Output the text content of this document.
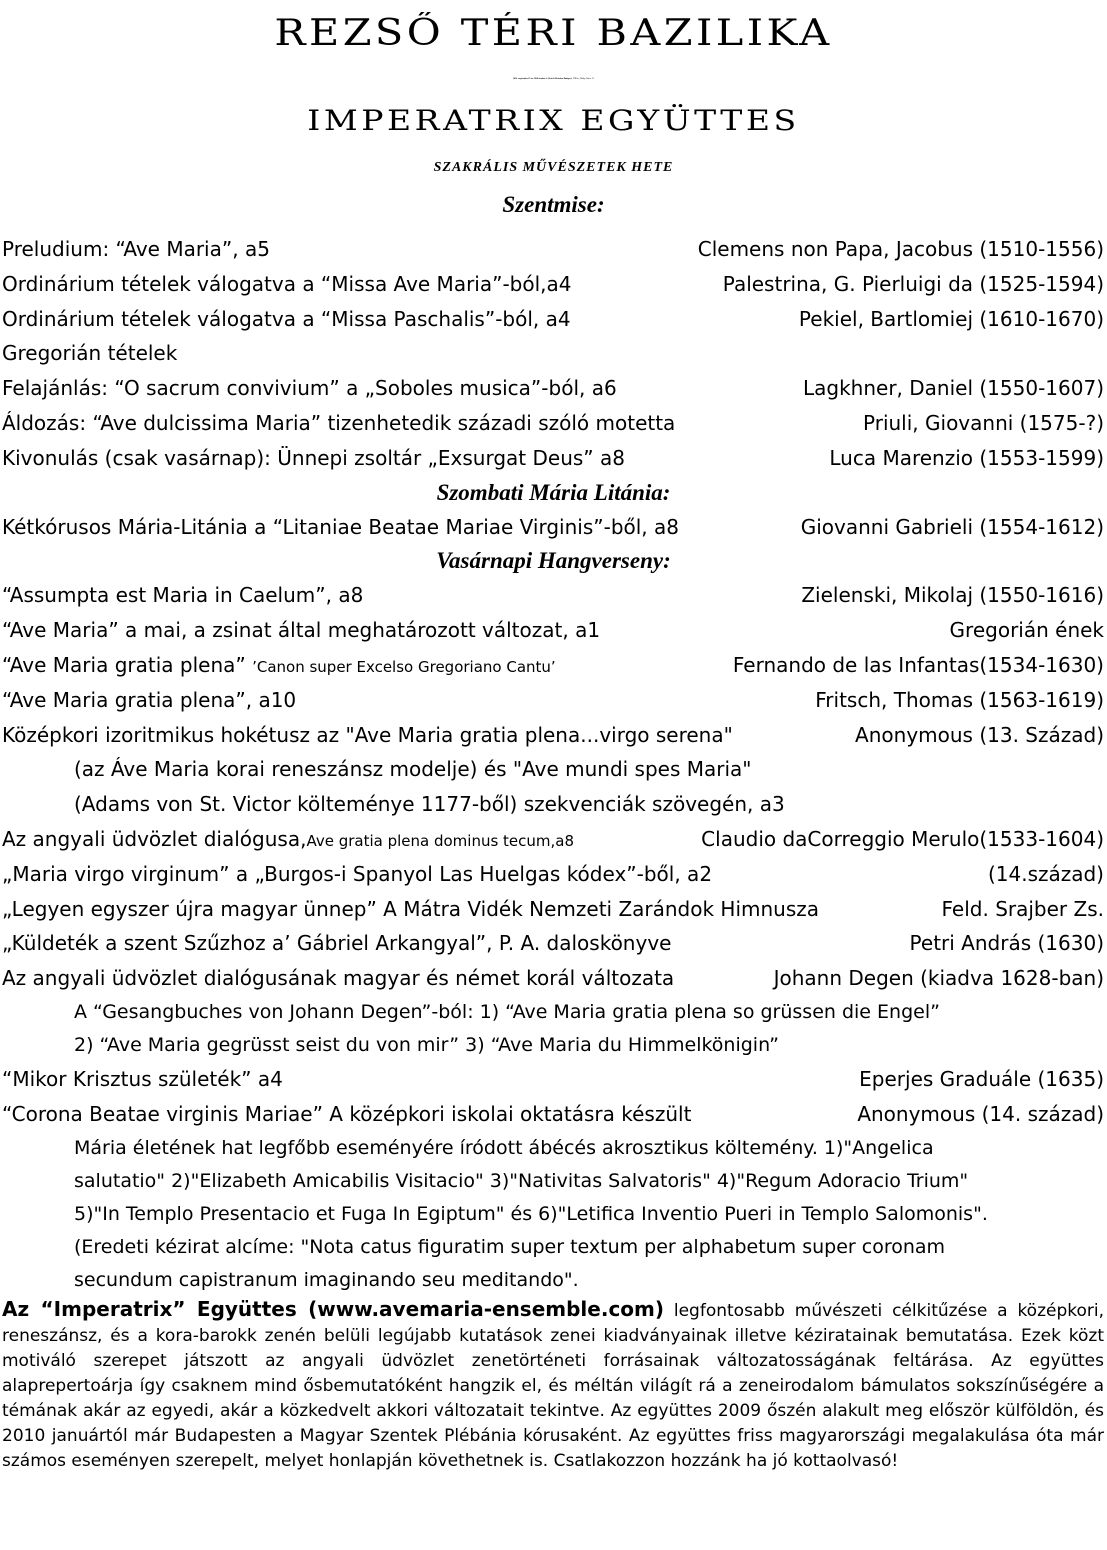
REZSŐ TÉRI BAZILIKA
2010. szeptember 25-én, 18:00 órakor, és 26-án 9:00 órakor Budapest, VIII.ker, Bláthy Ottó u. 22
IMPERATRIX EGYÜTTES
SZAKRÁLIS MŰVÉSZETEK HETE
Szentmise:
Preludium: “Ave Maria”, a5	Clemens non Papa, Jacobus (1510-1556)
Ordinárium tételek válogatva a “Missa Ave Maria”-ból,a4	Palestrina, G. Pierluigi da (1525-1594)
Ordinárium tételek válogatva a “Missa Paschalis”-ból, a4	Pekiel, Bartlomiej (1610-1670)
Gregorián tételek
Felajánlás: “O sacrum convivium” a „Soboles musica”-ból, a6	Lagkhner, Daniel (1550-1607)
Áldozás: “Ave dulcissima Maria” tizenhetedik századi szóló motetta	Priuli, Giovanni (1575-?)
Kivonulás (csak vasárnap): Ünnepi zsoltár „Exsurgat Deus” a8	Luca Marenzio (1553-1599)
Szombati Mária Litánia:
Kétkórusos Mária-Litánia a “Litaniae Beatae Mariae Virginis”-ből, a8	Giovanni Gabrieli (1554-1612)
Vasárnapi Hangverseny:
“Assumpta est Maria in Caelum”, a8	Zielenski, Mikolaj (1550-1616)
“Ave Maria” a mai, a zsinat által meghatározott változat, a1	Gregorián ének
“Ave Maria gratia plena” ’Canon super Excelso Gregoriano Cantu’	Fernando de las Infantas(1534-1630)
“Ave Maria gratia plena”, a10	Fritsch, Thomas (1563-1619)
Középkori izoritmikus hokétusz az "Ave Maria gratia plena...virgo serena"	Anonymous (13. Század)
(az Áve Maria korai reneszánsz modelje) és "Ave mundi spes Maria"
(Adams von St. Victor költeménye 1177-ből) szekvenciák szövegén, a3
Az angyali üdvözlet dialógusa,Ave gratia plena dominus tecum,a8	Claudio daCorreggio Merulo(1533-1604)
„Maria virgo virginum” a „Burgos-i Spanyol Las Huelgas kódex”-ből, a2	(14.század)
„Legyen egyszer újra magyar ünnep” A Mátra Vidék Nemzeti Zarándok Himnusza	Feld. Srajber Zs.
„Küldeték a szent Szűzhoz a’ Gábriel Arkangyal”, P. A. daloskönyve	Petri András (1630)
Az angyali üdvözlet dialógusának magyar és német korál változata	Johann Degen (kiadva 1628-ban)
A “Gesangbuches von Johann Degen”-ból: 1) “Ave Maria gratia plena so grüssen die Engel”
2) “Ave Maria gegrüsst seist du von mir” 3) “Ave Maria du Himmelkönigin”
“Mikor Krisztus születék” a4	Eperjes Graduále (1635)
“Corona Beatae virginis Mariae” A középkori iskolai oktatásra készült	Anonymous (14. század)
Mária életének hat legfőbb eseményére íródott ábécés akrosztikus költemény. 1)"Angelica
salutatio" 2)"Elizabeth Amicabilis Visitacio" 3)"Nativitas Salvatoris" 4)"Regum Adoracio Trium"
5)"In Templo Presentacio et Fuga In Egiptum" és 6)"Letifica Inventio Pueri in Templo Salomonis".
(Eredeti kézirat alcíme: "Nota catus figuratim super textum per alphabetum super coronam
secundum capistranum imaginando seu meditando".
Az “Imperatrix” Együttes (www.avemaria-ensemble.com) legfontosabb művészeti célkitűzése a középkori, reneszánsz, és a kora-barokk zenén belüli legújabb kutatások zenei kiadványainak illetve kéziratainak bemutatása. Ezek közt motiváló szerepet játszott az angyali üdvözlet zenetörténeti forrásainak változatosságának feltárása. Az együttes alaprepertoárja így csaknem mind ősbemutatóként hangzik el, és méltán világít rá a zeneirodalom bámulatos sokszínűségére a témának akár az egyedi, akár a közkedvelt akkori változatait tekintve. Az együttes 2009 őszén alakult meg először külföldön, és 2010 januártól már Budapesten a Magyar Szentek Plébánia kórusaként. Az együttes friss magyarországi megalakulása óta már számos eseményen szerepelt, melyet honlapján követhetnek is. Csatlakozzon hozzánk ha jó kottaolvasó!
